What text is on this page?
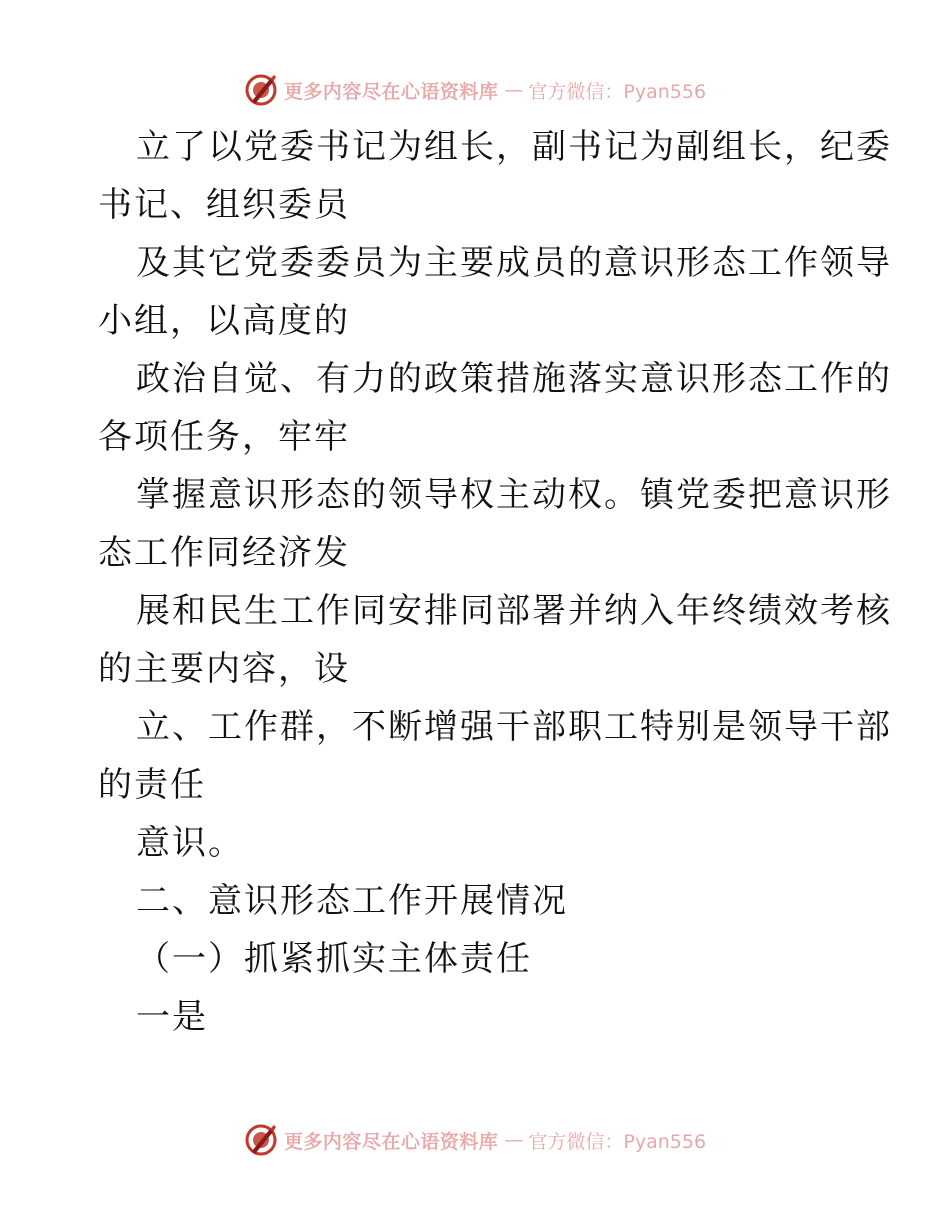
更多内容尽在心语资料库 — 官方微信：Pyan556
立了以党委书记为组长，副书记为副组长，纪委
书记、组织委员
及其它党委委员为主要成员的意识形态工作领导
小组，以高度的
政治自觉、有力的政策措施落实意识形态工作的
各项任务，牢牢
掌握意识形态的领导权主动权。镇党委把意识形
态工作同经济发
展和民生工作同安排同部署并纳入年终绩效考核
的主要内容，设
立、工作群，不断增强干部职工特别是领导干部
的责任
意识。
二、意识形态工作开展情况
（一）抓紧抓实主体责任
一是
更多内容尽在心语资料库 — 官方微信：Pyan556
